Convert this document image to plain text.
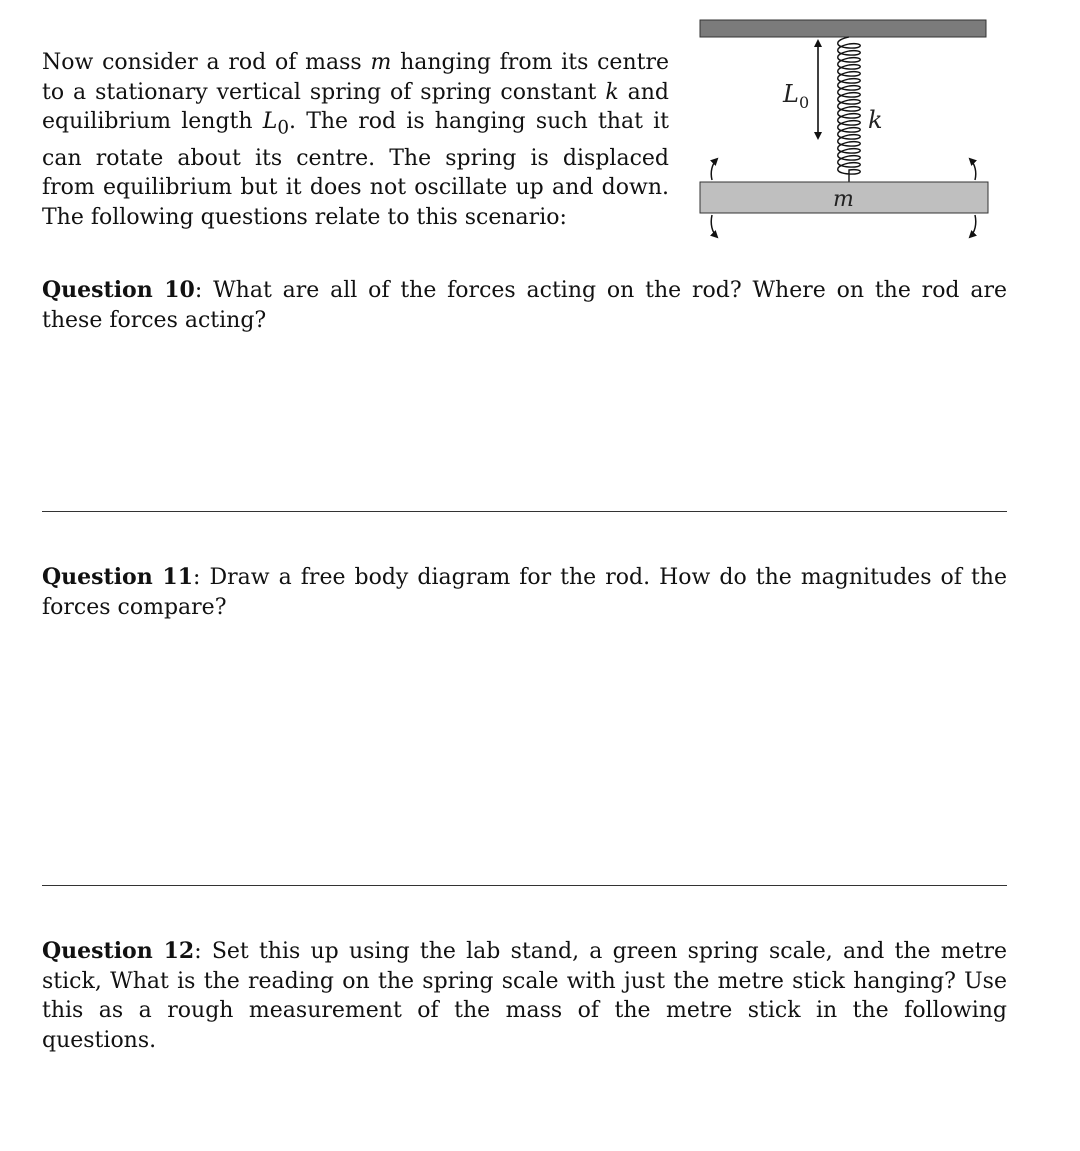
Now consider a rod of mass m hanging from its centre to a stationary vertical spring of spring constant k and equilibrium length $L_0$. The rod is hanging such that it can rotate about its centre. The spring is displaced from equilibrium but it does not oscillate up and down. The following questions relate to this scenario:

$L_0$
k
m

Question 10: What are all of the forces acting on the rod? Where on the rod are these forces acting?

Question 11: Draw a free body diagram for the rod. How do the magnitudes of the forces compare?

Question 12: Set this up using the lab stand, a green spring scale, and the metre stick, What is the reading on the spring scale with just the metre stick hanging? Use this as a rough measurement of the mass of the metre stick in the following questions.
